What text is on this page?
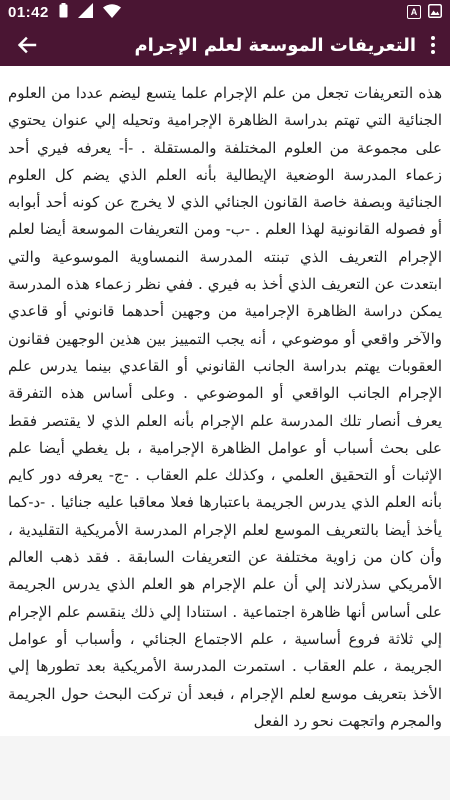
01:42	A
التعريفات الموسعة لعلم الإجرام

هذه التعريفات تجعل من علم الإجرام علما يتسع ليضم عددا من العلوم الجنائية التي تهتم بدراسة الظاهرة الإجرامية وتحيله إلي عنوان يحتوي على مجموعة من العلوم المختلفة والمستقلة . -أ- يعرفه فيري أحد زعماء المدرسة الوضعية الإيطالية بأنه العلم الذي يضم كل العلوم الجنائية وبصفة خاصة القانون الجنائي الذي لا يخرج عن كونه أحد أبوابه أو فصوله القانونية لهذا العلم . -ب- ومن التعريفات الموسعة أيضا لعلم الإجرام التعريف الذي تبنته المدرسة النمساوية الموسوعية والتي ابتعدت عن التعريف الذي أخذ به فيري . ففي نظر زعماء هذه المدرسة يمكن دراسة الظاهرة الإجرامية من وجهين أحدهما قانوني أو قاعدي والآخر واقعي أو موضوعي ، أنه يجب التمييز بين هذين الوجهين فقانون العقوبات يهتم بدراسة الجانب القانوني أو القاعدي بينما يدرس علم الإجرام الجانب الواقعي أو الموضوعي . وعلى أساس هذه التفرقة يعرف أنصار تلك المدرسة علم الإجرام بأنه العلم الذي لا يقتصر فقط على بحث أسباب أو عوامل الظاهرة الإجرامية ، بل يغطي أيضا علم الإثبات أو التحقيق العلمي ، وكذلك علم العقاب . -ج- يعرفه دور كايم بأنه العلم الذي يدرس الجريمة باعتبارها فعلا معاقبا عليه جنائيا . -د-كما يأخذ أيضا بالتعريف الموسع لعلم الإجرام المدرسة الأمريكية التقليدية ، وأن كان من زاوية مختلفة عن التعريفات السابقة . فقد ذهب العالم الأمريكي سذرلاند إلي أن علم الإجرام هو العلم الذي يدرس الجريمة على أساس أنها ظاهرة اجتماعية . استنادا إلي ذلك ينقسم علم الإجرام إلي ثلاثة فروع أساسية ، علم الاجتماع الجنائي ، وأسباب أو عوامل الجريمة ، علم العقاب . استمرت المدرسة الأمريكية بعد تطورها إلي الأخذ بتعريف موسع لعلم الإجرام ، فبعد أن تركت البحث حول الجريمة والمجرم واتجهت نحو رد الفعل
